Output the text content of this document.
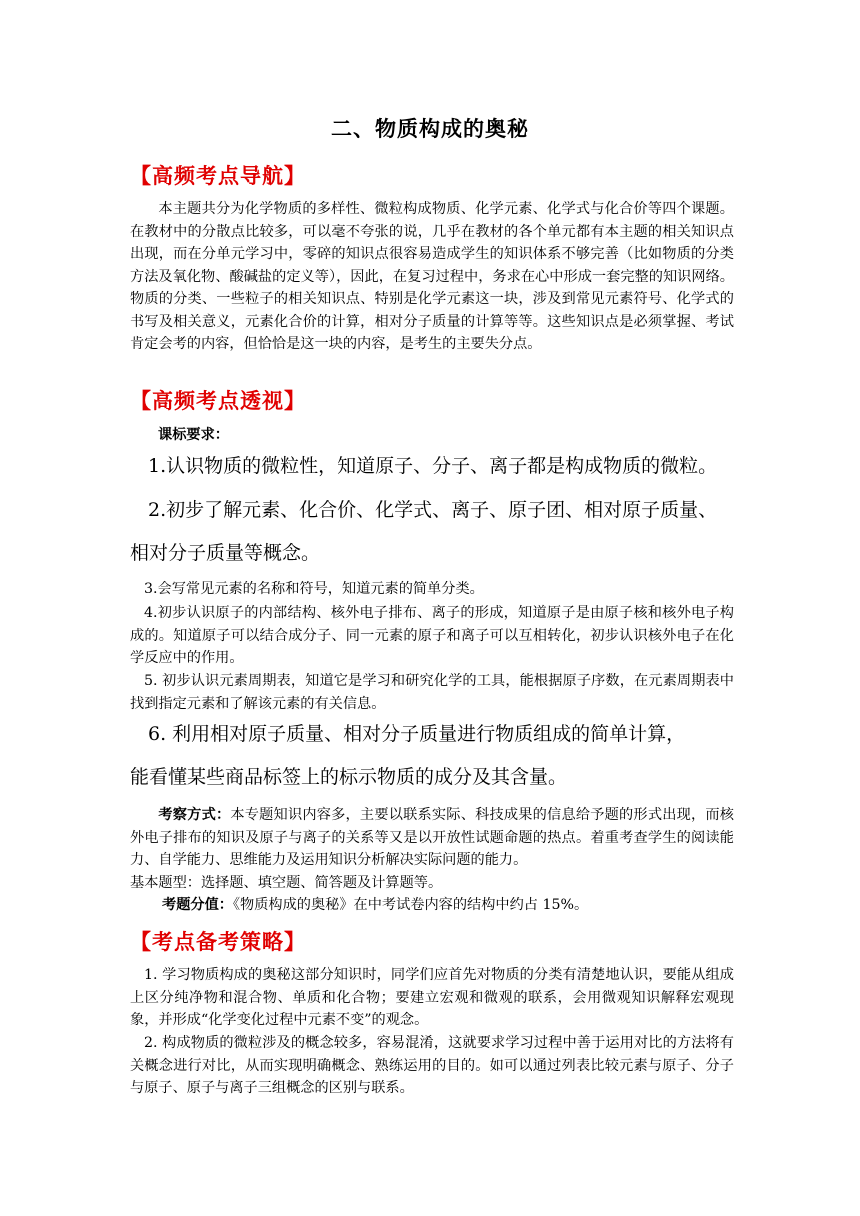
二、物质构成的奥秘
【高频考点导航】

本主题共分为化学物质的多样性、微粒构成物质、化学元素、化学式与化合价等四个课题。在教材中的分散点比较多，可以毫不夸张的说，几乎在教材的各个单元都有本主题的相关知识点出现，而在分单元学习中，零碎的知识点很容易造成学生的知识体系不够完善（比如物质的分类方法及氧化物、酸碱盐的定义等），因此，在复习过程中，务求在心中形成一套完整的知识网络。物质的分类、一些粒子的相关知识点、特别是化学元素这一块，涉及到常见元素符号、化学式的书写及相关意义，元素化合价的计算，相对分子质量的计算等等。这些知识点是必须掌握、考试肯定会考的内容，但恰恰是这一块的内容，是考生的主要失分点。

【高频考点透视】
课标要求：

1.认识物质的微粒性，知道原子、分子、离子都是构成物质的微粒。

2.初步了解元素、化合价、化学式、离子、原子团、相对原子质量、

相对分子质量等概念。

3.会写常见元素的名称和符号，知道元素的简单分类。

4.初步认识原子的内部结构、核外电子排布、离子的形成，知道原子是由原子核和核外电子构成的。知道原子可以结合成分子、同一元素的原子和离子可以互相转化，初步认识核外电子在化学反应中的作用。

5. 初步认识元素周期表，知道它是学习和研究化学的工具，能根据原子序数，在元素周期表中找到指定元素和了解该元素的有关信息。

6. 利用相对原子质量、相对分子质量进行物质组成的简单计算，

能看懂某些商品标签上的标示物质的成分及其含量。

考察方式：本专题知识内容多，主要以联系实际、科技成果的信息给予题的形式出现，而核外电子排布的知识及原子与离子的关系等又是以开放性试题命题的热点。着重考查学生的阅读能力、自学能力、思维能力及运用知识分析解决实际问题的能力。

基本题型：选择题、填空题、简答题及计算题等。

考题分值：《物质构成的奥秘》在中考试卷内容的结构中约占 15%。

【考点备考策略】

1. 学习物质构成的奥秘这部分知识时，同学们应首先对物质的分类有清楚地认识，要能从组成上区分纯净物和混合物、单质和化合物；要建立宏观和微观的联系，会用微观知识解释宏观现象，并形成“化学变化过程中元素不变”的观念。

2. 构成物质的微粒涉及的概念较多，容易混淆，这就要求学习过程中善于运用对比的方法将有关概念进行对比，从而实现明确概念、熟练运用的目的。如可以通过列表比较元素与原子、分子与原子、原子与离子三组概念的区别与联系。
